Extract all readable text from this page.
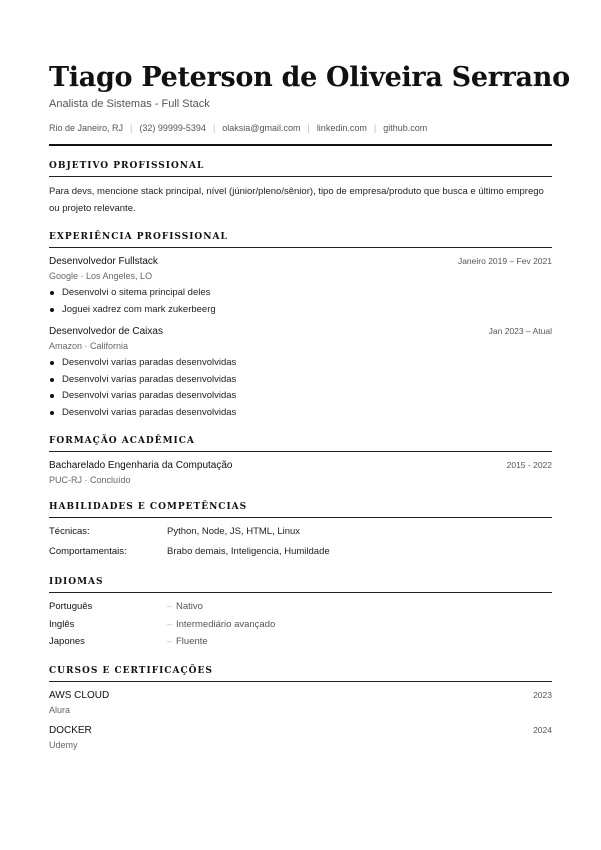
Tiago Peterson de Oliveira Serrano
Analista de Sistemas - Full Stack
Rio de Janeiro, RJ | (32) 99999-5394 | olaksia@gmail.com | linkedin.com | github.com
OBJETIVO PROFISSIONAL
Para devs, mencione stack principal, nível (júnior/pleno/sênior), tipo de empresa/produto que busca e último emprego ou projeto relevante.
EXPERIÊNCIA PROFISSIONAL
Desenvolvedor Fullstack	Janeiro 2019 – Fev 2021
Google · Los Angeles, LO
Desenvolvi o sitema principal deles
Joguei xadrez com mark zukerbeerg
Desenvolvedor de Caixas	Jan 2023 – Atual
Amazon · California
Desenvolvi varias paradas desenvolvidas
Desenvolvi varias paradas desenvolvidas
Desenvolvi varias paradas desenvolvidas
Desenvolvi varias paradas desenvolvidas
FORMAÇÃO ACADÊMICA
Bacharelado Engenharia da Computação	2015 - 2022
PUC-RJ · Concluído
HABILIDADES E COMPETÊNCIAS
Técnicas:	Python, Node, JS, HTML, Linux
Comportamentais:	Brabo demais, Inteligencia, Humildade
IDIOMAS
Português	– Nativo
Inglês	– Intermediário avançado
Japones	– Fluente
CURSOS E CERTIFICAÇÕES
AWS CLOUD	2023
Alura
DOCKER	2024
Udemy
